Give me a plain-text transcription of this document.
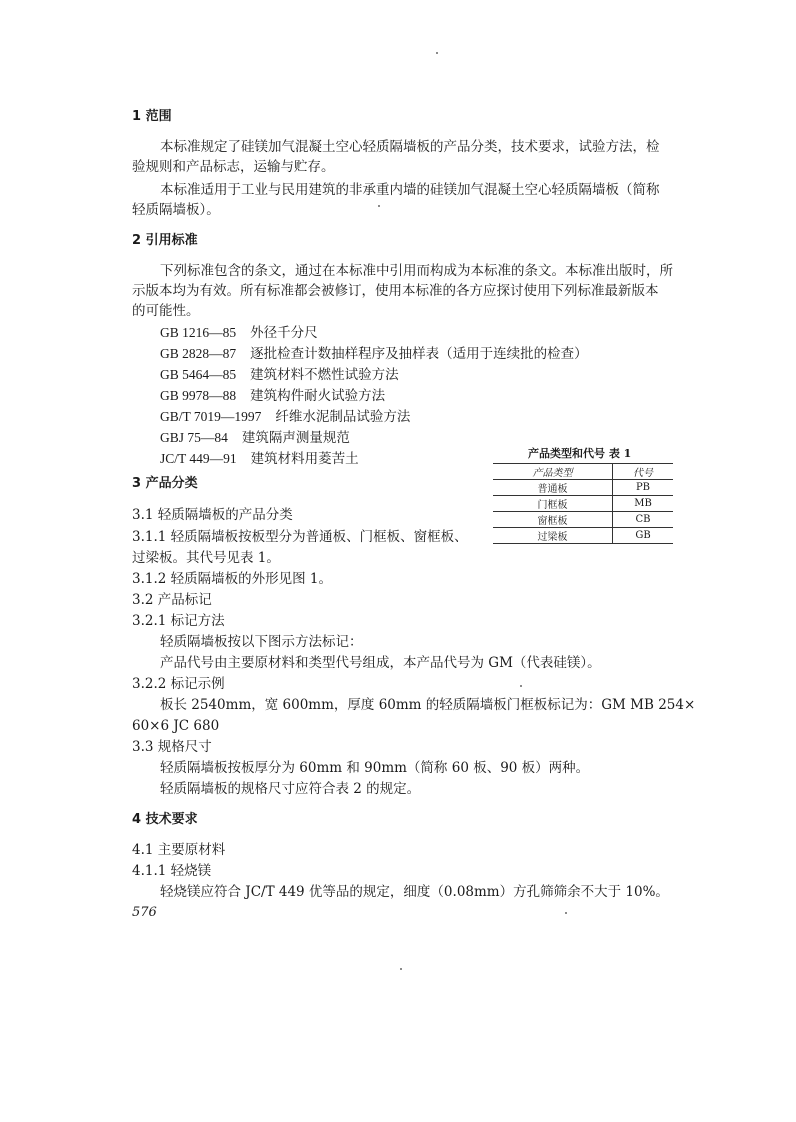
1 范围
本标准规定了硅镁加气混凝土空心轻质隔墙板的产品分类，技术要求，试验方法，检
验规则和产品标志，运输与贮存。
本标准适用于工业与民用建筑的非承重内墙的硅镁加气混凝土空心轻质隔墙板（简称
轻质隔墙板）。
2 引用标准
下列标准包含的条文，通过在本标准中引用而构成为本标准的条文。本标准出版时，所
示版本均为有效。所有标准都会被修订，使用本标准的各方应探讨使用下列标准最新版本
的可能性。
GB 1216—85 外径千分尺
GB 2828—87 逐批检查计数抽样程序及抽样表（适用于连续批的检查）
GB 5464—85 建筑材料不燃性试验方法
GB 9978—88 建筑构件耐火试验方法
GB/T 7019—1997 纤维水泥制品试验方法
GBJ 75—84 建筑隔声测量规范
JC/T 449—91 建筑材料用菱苦土	产品类型和代号 表 1
产品类型	代号
普通板	PB
门框板	MB
窗框板	CB
过梁板	GB
3 产品分类
3.1 轻质隔墙板的产品分类
3.1.1 轻质隔墙板按板型分为普通板、门框板、窗框板、
过梁板。其代号见表 1。
3.1.2 轻质隔墙板的外形见图 1。
3.2 产品标记
3.2.1 标记方法
轻质隔墙板按以下图示方法标记：
产品代号由主要原材料和类型代号组成，本产品代号为 GM（代表硅镁）。
3.2.2 标记示例
板长 2540mm，宽 600mm，厚度 60mm 的轻质隔墙板门框板标记为：GM MB 254×
60×6 JC 680
3.3 规格尺寸
轻质隔墙板按板厚分为 60mm 和 90mm（简称 60 板、90 板）两种。
轻质隔墙板的规格尺寸应符合表 2 的规定。
4 技术要求
4.1 主要原材料
4.1.1 轻烧镁
轻烧镁应符合 JC/T 449 优等品的规定，细度（0.08mm）方孔筛筛余不大于 10%。
576
